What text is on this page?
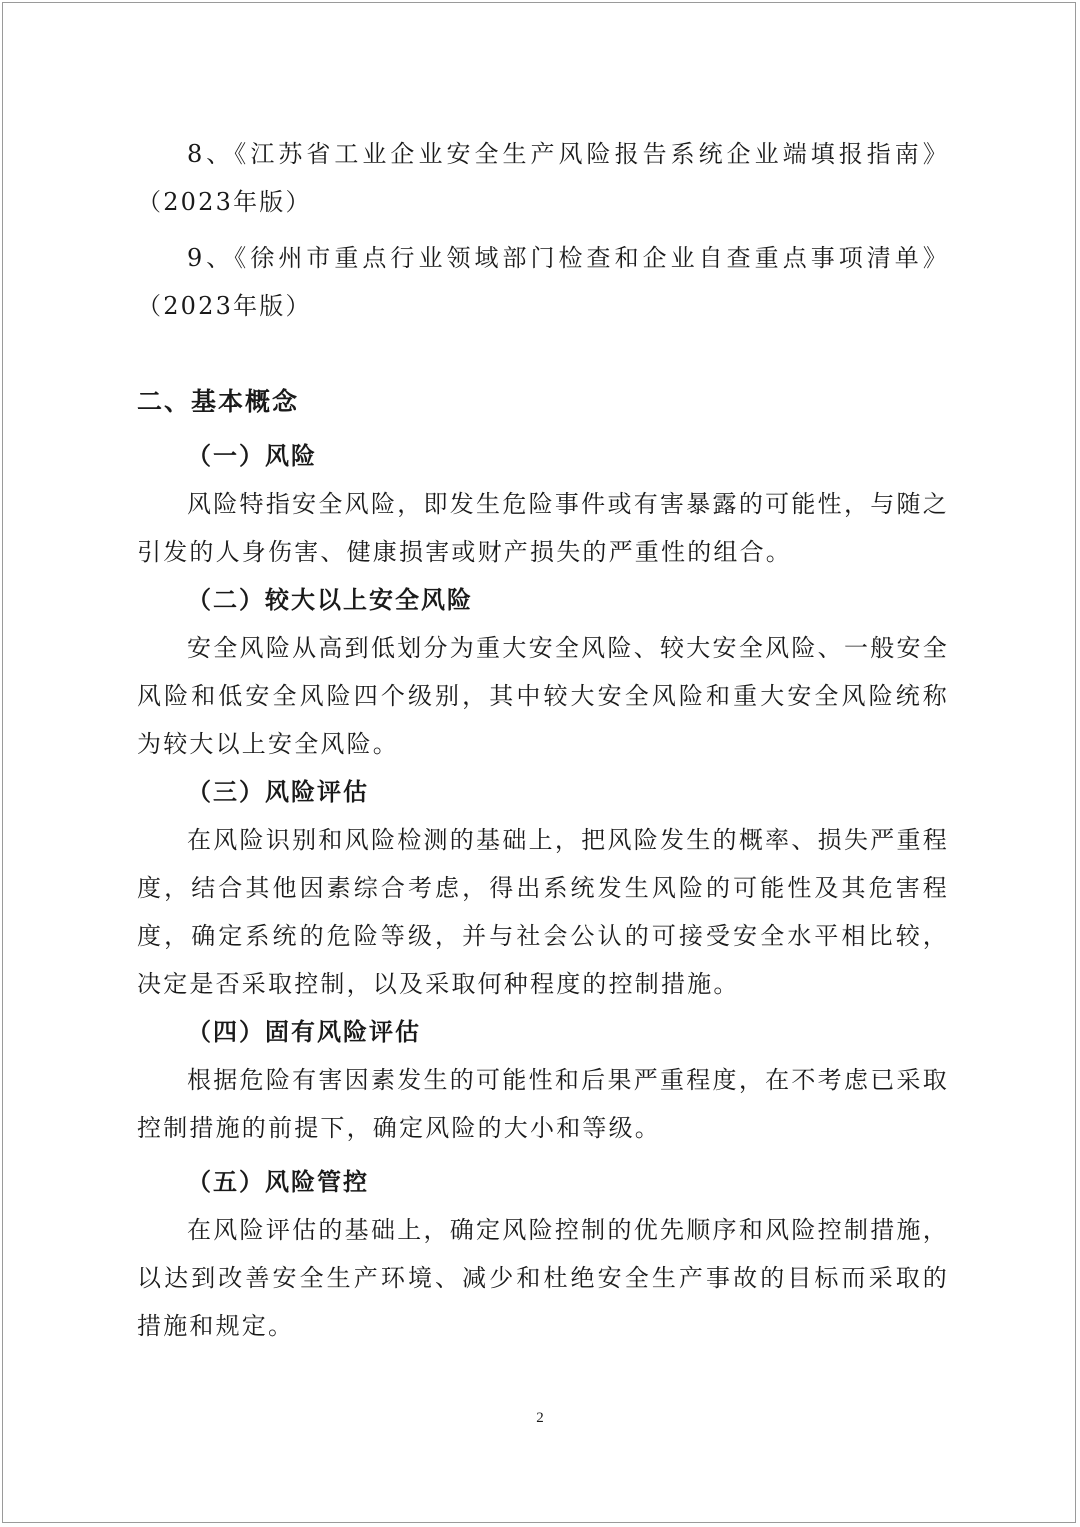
8、《江苏省工业企业安全生产风险报告系统企业端填报指南》（2023年版）

9、《徐州市重点行业领域部门检查和企业自查重点事项清单》（2023年版）

二、基本概念
（一）风险

风险特指安全风险，即发生危险事件或有害暴露的可能性，与随之引发的人身伤害、健康损害或财产损失的严重性的组合。

（二）较大以上安全风险

安全风险从高到低划分为重大安全风险、较大安全风险、一般安全风险和低安全风险四个级别，其中较大安全风险和重大安全风险统称为较大以上安全风险。

（三）风险评估

在风险识别和风险检测的基础上，把风险发生的概率、损失严重程度，结合其他因素综合考虑，得出系统发生风险的可能性及其危害程度，确定系统的危险等级，并与社会公认的可接受安全水平相比较，决定是否采取控制，以及采取何种程度的控制措施。

（四）固有风险评估

根据危险有害因素发生的可能性和后果严重程度，在不考虑已采取控制措施的前提下，确定风险的大小和等级。

（五）风险管控

在风险评估的基础上，确定风险控制的优先顺序和风险控制措施，以达到改善安全生产环境、减少和杜绝安全生产事故的目标而采取的措施和规定。

2
